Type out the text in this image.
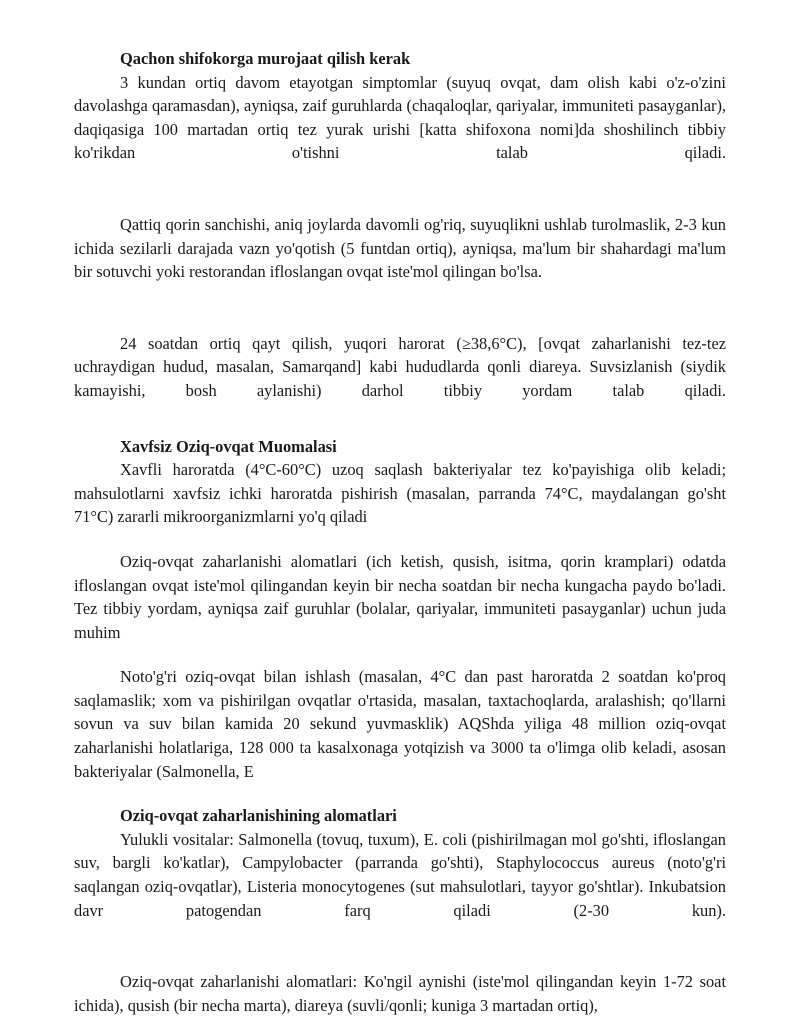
Qachon shifokorga murojaat qilish kerak

3 kundan ortiq davom etayotgan simptomlar (suyuq ovqat, dam olish kabi o'z-o'zini davolashga qaramasdan), ayniqsa, zaif guruhlarda (chaqaloqlar, qariyalar, immuniteti pasayganlar), daqiqasiga 100 martadan ortiq tez yurak urishi [katta shifoxona nomi]da shoshilinch tibbiy ko'rikdan o'tishni talab qiladi.

Qattiq qorin sanchishi, aniq joylarda davomli og'riq, suyuqlikni ushlab turolmaslik, 2-3 kun ichida sezilarli darajada vazn yo'qotish (5 funtdan ortiq), ayniqsa, ma'lum bir shahardagi ma'lum bir sotuvchi yoki restorandan ifloslangan ovqat iste'mol qilingan bo'lsa.

24 soatdan ortiq qayt qilish, yuqori harorat (≥38,6°C), [ovqat zaharlanishi tez-tez uchraydigan hudud, masalan, Samarqand] kabi hududlarda qonli diareya. Suvsizlanish (siydik kamayishi, bosh aylanishi) darhol tibbiy yordam talab qiladi.

Xavfsiz Oziq-ovqat Muomalasi

Xavfli haroratda (4°C-60°C) uzoq saqlash bakteriyalar tez ko'payishiga olib keladi; mahsulotlarni xavfsiz ichki haroratda pishirish (masalan, parranda 74°C, maydalangan go'sht 71°C) zararli mikroorganizmlarni yo'q qiladi

Oziq-ovqat zaharlanishi alomatlari (ich ketish, qusish, isitma, qorin kramplari) odatda ifloslangan ovqat iste'mol qilingandan keyin bir necha soatdan bir necha kungacha paydo bo'ladi. Tez tibbiy yordam, ayniqsa zaif guruhlar (bolalar, qariyalar, immuniteti pasayganlar) uchun juda muhim

Noto'g'ri oziq-ovqat bilan ishlash (masalan, 4°C dan past haroratda 2 soatdan ko'proq saqlamaslik; xom va pishirilgan ovqatlar o'rtasida, masalan, taxtachoqlarda, aralashish; qo'llarni sovun va suv bilan kamida 20 sekund yuvmasklik) AQShda yiliga 48 million oziq-ovqat zaharlanishi holatlariga, 128 000 ta kasalxonaga yotqizish va 3000 ta o'limga olib keladi, asosan bakteriyalar (Salmonella, E

Oziq-ovqat zaharlanishining alomatlari

Yulukli vositalar: Salmonella (tovuq, tuxum), E. coli (pishirilmagan mol go'shti, ifloslangan suv, bargli ko'katlar), Campylobacter (parranda go'shti), Staphylococcus aureus (noto'g'ri saqlangan oziq-ovqatlar), Listeria monocytogenes (sut mahsulotlari, tayyor go'shtlar). Inkubatsion davr patogendan farq qiladi (2-30 kun).

Oziq-ovqat zaharlanishi alomatlari: Ko'ngil aynishi (iste'mol qilingandan keyin 1-72 soat ichida), qusish (bir necha marta), diareya (suvli/qonli; kuniga 3 martadan ortiq),
